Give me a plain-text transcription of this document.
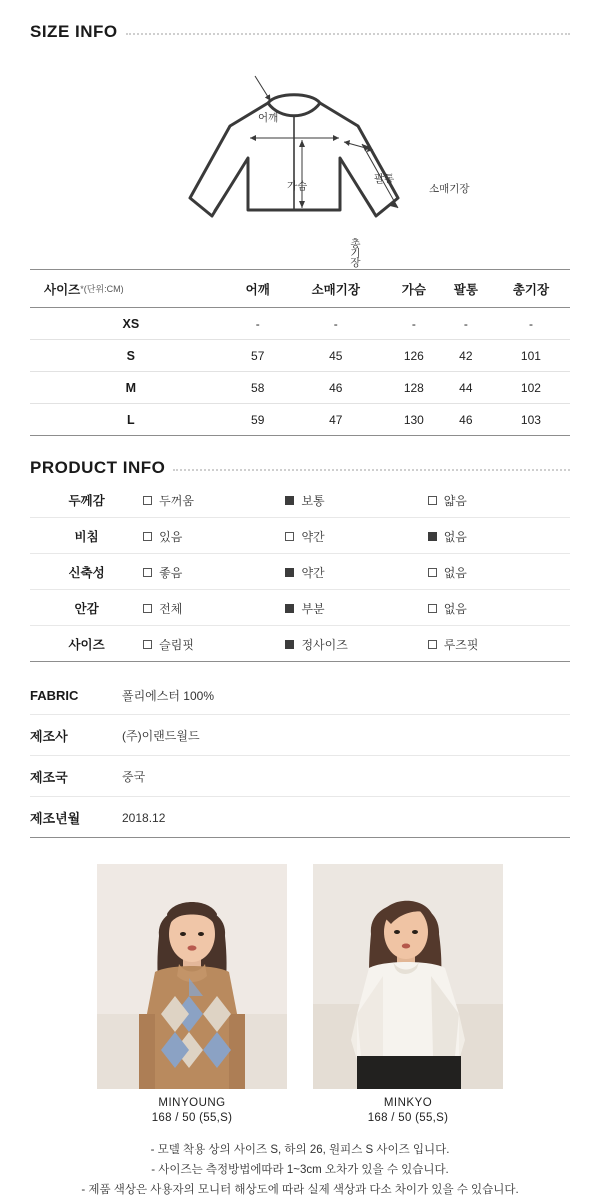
SIZE INFO
어깨
가슴
팔통
소매기장
총기장
사이즈*(단위:CM)	어깨	소매기장	가슴	팔통	총기장
XS	-	-	-	-	-
S	57	45	126	42	101
M	58	46	128	44	102
L	59	47	130	46	103
PRODUCT INFO
두께감	두꺼움	보통	얇음

비침	있음	약간	없음

신축성	좋음	약간	없음

안감	전체	부분	없음

사이즈	슬림핏	정사이즈	루즈핏
FABRIC	폴리에스터 100%
제조사	(주)이랜드월드
제조국	중국
제조년월	2018.12
MINYOUNG
168 / 50 (55,S)
MINKYO
168 / 50 (55,S)
- 모델 착용 상의 사이즈 S, 하의 26, 원피스 S 사이즈 입니다.
- 사이즈는 측정방법에따라 1~3cm 오차가 있을 수 있습니다.
- 제품 색상은 사용자의 모니터 해상도에 따라 실제 색상과 다소 차이가 있을 수 있습니다.
